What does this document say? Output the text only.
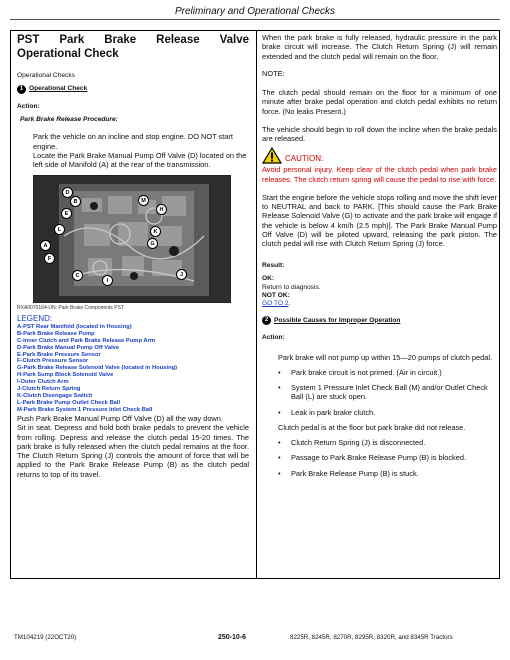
Preliminary and Operational Checks
PST Park Brake Release Valve
Operational Check
Operational Checks
1 Operational Check
Action:
Park Brake Release Procedure:

Park the vehicle on an incline and stop engine. DO NOT start engine.

Locate the Park Brake Manual Pump Off Valve (D) located on the left side of Manifold (A) at the rear of the transmission.

D
M
B
E
L
H
K
G
A
F
C	J
I
RXA0070164-UN: Park Brake Components PST
LEGEND:
A-PST Rear Manifold (located in Housing)
B-Park Brake Release Pump
C-Inner Clutch and Park Brake Release Pump Arm
D-Park Brake Manual Pump Off Valve
E-Park Brake Pressure Sensor
F-Clutch Pressure Sensor
G-Park Brake Release Solenoid Valve (located in Housing)
H-Park Sump Block Solenoid Valve
I-Outer Clutch Arm
J-Clutch Return Spring
K-Clutch Disengage Switch
L-Park Brake Pump Outlet Check Ball
M-Park Brake System 1 Pressure Inlet Check Ball

Push Park Brake Manual Pump Off Valve (D) all the way down.

Sit in seat. Depress and hold both brake pedals to prevent the vehicle from rolling. Depress and release the clutch pedal 15-20 times. The park brake is fully released when the clutch pedal remains at the floor. The Clutch Return Spring (J) controls the amount of force that will be applied to the Park Brake Release Pump (B) as the clutch pedal returns to top of its travel.

When the park brake is fully released, hydraulic pressure in the park brake circuit will increase. The Clutch Return Spring (J) will remain extended and the clutch pedal will remain on the floor.

NOTE:

The clutch pedal should remain on the floor for a minimum of one minute after brake pedal operation and clutch pedal exhibits no return force. (No leaks Present.)

The vehicle should begin to roll down the incline when the brake pedals are released.

CAUTION:

Avoid personal injury. Keep clear of the clutch pedal when park brake releases. The clutch return spring will cause the pedal to rise with force.

Start the engine before the vehicle stops rolling and move the shift lever to NEUTRAL and back to PARK. [This should cause the Park Brake Release Solenoid Valve (G) to activate and the park brake will engage if the vehicle is below 4 km/h (2.5 mph)]. The Park Brake Manual Pump Off Valve (D) will be piloted upward, releasing the park piston. The clutch pedal will rise with Clutch Return Spring (J) force.

Result:
OK:
Return to diagnosis.
NOT OK:
GO TO 2.
2 Possible Causes for Improper Operation
Action:

Park brake will not pump up within 15—20 pumps of clutch pedal.

•	Park brake circuit is not primed. (Air in circuit.)
•	System 1 Pressure Inlet Check Ball (M) and/or Outlet Check Ball (L) are stuck open.
•	Leak in park brake clutch.

Clutch pedal is at the floor but park brake did not release.

•	Clutch Return Spring (J) is disconnected.
•	Passage to Park Brake Release Pump (B) is blocked.
•	Park Brake Release Pump (B) is stuck.
TM104219 (22OCT20)	250-10-6	8225R, 8245R, 8270R, 8295R, 8320R, and 8345R Tractors
